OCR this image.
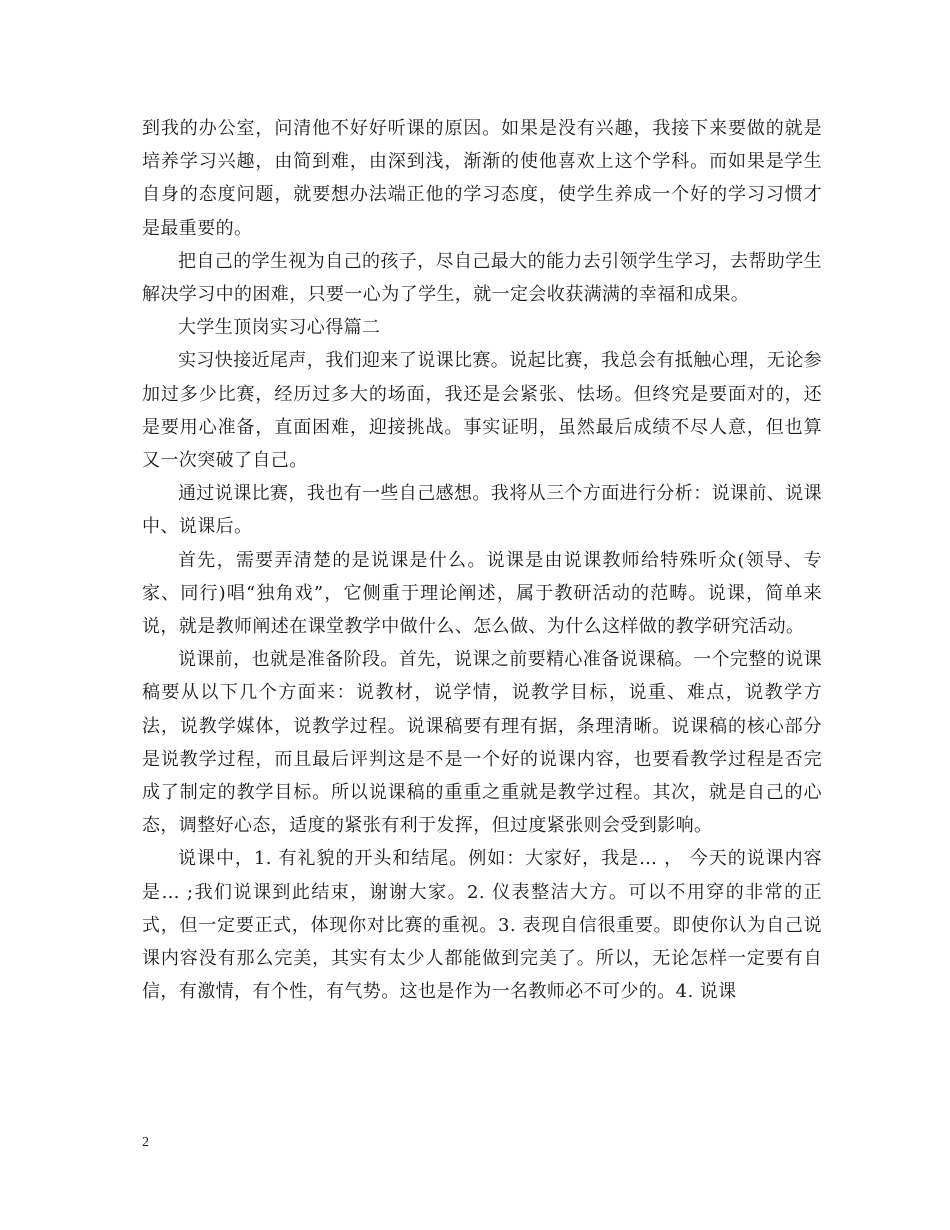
到我的办公室，问清他不好好听课的原因。如果是没有兴趣，我接下来要做的就是培养学习兴趣，由简到难，由深到浅，渐渐的使他喜欢上这个学科。而如果是学生自身的态度问题，就要想办法端正他的学习态度，使学生养成一个好的学习习惯才是最重要的。

把自己的学生视为自己的孩子，尽自己最大的能力去引领学生学习，去帮助学生解决学习中的困难，只要一心为了学生，就一定会收获满满的幸福和成果。

大学生顶岗实习心得篇二

实习快接近尾声，我们迎来了说课比赛。说起比赛，我总会有抵触心理，无论参加过多少比赛，经历过多大的场面，我还是会紧张、怯场。但终究是要面对的，还是要用心准备，直面困难，迎接挑战。事实证明，虽然最后成绩不尽人意，但也算又一次突破了自己。

通过说课比赛，我也有一些自己感想。我将从三个方面进行分析：说课前、说课中、说课后。

首先，需要弄清楚的是说课是什么。说课是由说课教师给特殊听众(领导、专家、同行)唱“独角戏”，它侧重于理论阐述，属于教研活动的范畴。说课，简单来说，就是教师阐述在课堂教学中做什么、怎么做、为什么这样做的教学研究活动。

说课前，也就是准备阶段。首先，说课之前要精心准备说课稿。一个完整的说课稿要从以下几个方面来：说教材，说学情，说教学目标，说重、难点，说教学方法，说教学媒体，说教学过程。说课稿要有理有据，条理清晰。说课稿的核心部分是说教学过程，而且最后评判这是不是一个好的说课内容，也要看教学过程是否完成了制定的教学目标。所以说课稿的重重之重就是教学过程。其次，就是自己的心态，调整好心态，适度的紧张有利于发挥，但过度紧张则会受到影响。

说课中，1. 有礼貌的开头和结尾。例如：大家好，我是… ， 今天的说课内容是… ;我们说课到此结束，谢谢大家。2. 仪表整洁大方。可以不用穿的非常的正式，但一定要正式，体现你对比赛的重视。3. 表现自信很重要。即使你认为自己说课内容没有那么完美，其实有太少人都能做到完美了。所以，无论怎样一定要有自信，有激情，有个性，有气势。这也是作为一名教师必不可少的。4. 说课

2
